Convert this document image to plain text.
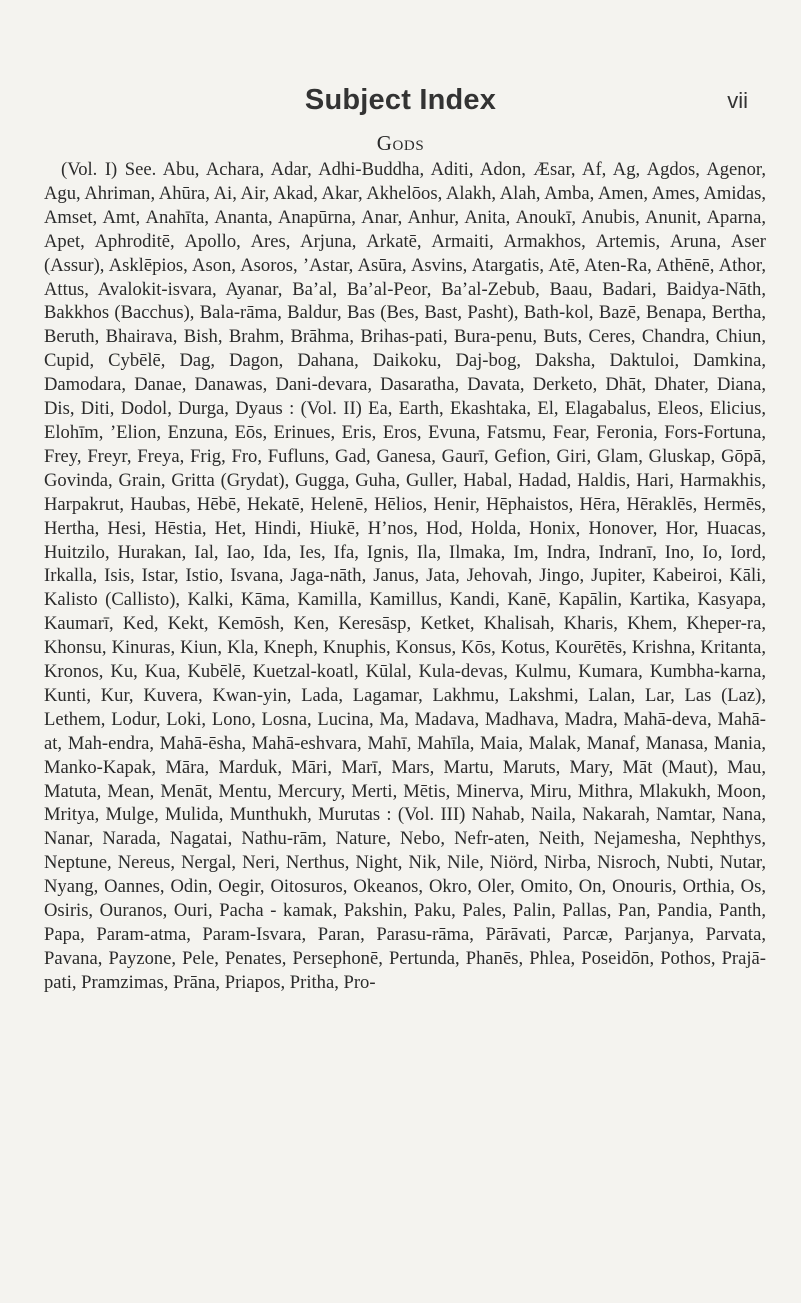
Subject Index	vii
Gods

(Vol. I) See. Abu, Achara, Adar, Adhi-Buddha, Aditi, Adon, Æsar, Af, Ag, Agdos, Agenor, Agu, Ahriman, Ahūra, Ai, Air, Akad, Akar, Akhelōos, Alakh, Alah, Amba, Amen, Ames, Amidas, Amset, Amt, Anahīta, Ananta, Anapūrna, Anar, Anhur, Anita, Anoukī, Anubis, Anunit, Aparna, Apet, Aphroditē, Apollo, Ares, Arjuna, Arkatē, Armaiti, Armakhos, Artemis, Aruna, Aser (Assur), Asklēpios, Ason, Asoros, ’Astar, Asūra, Asvins, Atargatis, Atē, Aten-Ra, Athēnē, Athor, Attus, Avalokit-isvara, Ayanar, Ba’al, Ba’al-Peor, Ba’al-Zebub, Baau, Badari, Baidya-Nāth, Bakkhos (Bacchus), Bala-rāma, Baldur, Bas (Bes, Bast, Pasht), Bath-kol, Bazē, Benapa, Bertha, Beruth, Bhairava, Bish, Brahm, Brāhma, Brihas-pati, Bura-penu, Buts, Ceres, Chandra, Chiun, Cupid, Cybēlē, Dag, Dagon, Dahana, Daikoku, Daj-bog, Daksha, Daktuloi, Damkina, Damodara, Danae, Danawas, Dani-devara, Dasaratha, Davata, Derketo, Dhāt, Dhater, Diana, Dis, Diti, Dodol, Durga, Dyaus : (Vol. II) Ea, Earth, Ekashtaka, El, Elagabalus, Eleos, Elicius, Elohīm, ’Elion, Enzuna, Eōs, Erinues, Eris, Eros, Evuna, Fatsmu, Fear, Feronia, Fors-Fortuna, Frey, Freyr, Freya, Frig, Fro, Fufluns, Gad, Ganesa, Gaurī, Gefion, Giri, Glam, Gluskap, Gōpā, Govinda, Grain, Gritta (Grydat), Gugga, Guha, Guller, Habal, Hadad, Haldis, Hari, Harmakhis, Harpakrut, Haubas, Hēbē, Hekatē, Helenē, Hēlios, Henir, Hēphaistos, Hēra, Hēraklēs, Hermēs, Hertha, Hesi, Hēstia, Het, Hindi, Hiukē, H’nos, Hod, Holda, Honix, Honover, Hor, Huacas, Huitzilo, Hurakan, Ial, Iao, Ida, Ies, Ifa, Ignis, Ila, Ilmaka, Im, Indra, Indranī, Ino, Io, Iord, Irkalla, Isis, Istar, Istio, Isvana, Jaga-nāth, Janus, Jata, Jehovah, Jingo, Jupiter, Kabeiroi, Kāli, Kalisto (Callisto), Kalki, Kāma, Kamilla, Kamillus, Kandi, Kanē, Kapālin, Kartika, Kasyapa, Kaumarī, Ked, Kekt, Kemōsh, Ken, Keresāsp, Ketket, Khalisah, Kharis, Khem, Kheper-ra, Khonsu, Kinuras, Kiun, Kla, Kneph, Knuphis, Konsus, Kōs, Kotus, Kourētēs, Krishna, Kritanta, Kronos, Ku, Kua, Kubēlē, Kuetzal-koatl, Kūlal, Kula-devas, Kulmu, Kumara, Kumbha-karna, Kunti, Kur, Kuvera, Kwan-yin, Lada, Lagamar, Lakhmu, Lakshmi, Lalan, Lar, Las (Laz), Lethem, Lodur, Loki, Lono, Losna, Lucina, Ma, Madava, Madhava, Madra, Mahā-deva, Mahā-at, Mah-endra, Mahā-ēsha, Mahā-eshvara, Mahī, Mahīla, Maia, Malak, Manaf, Manasa, Mania, Manko-Kapak, Māra, Marduk, Māri, Marī, Mars, Martu, Maruts, Mary, Māt (Maut), Mau, Matuta, Mean, Menāt, Mentu, Mercury, Merti, Mētis, Minerva, Miru, Mithra, Mlakukh, Moon, Mritya, Mulge, Mulida, Munthukh, Murutas : (Vol. III) Nahab, Naila, Nakarah, Namtar, Nana, Nanar, Narada, Nagatai, Nathu-rām, Nature, Nebo, Nefr-aten, Neith, Nejamesha, Nephthys, Neptune, Nereus, Nergal, Neri, Nerthus, Night, Nik, Nile, Niörd, Nirba, Nisroch, Nubti, Nutar, Nyang, Oannes, Odin, Oegir, Oitosuros, Okeanos, Okro, Oler, Omito, On, Onouris, Orthia, Os, Osiris, Ouranos, Ouri, Pacha - kamak, Pakshin, Paku, Pales, Palin, Pallas, Pan, Pandia, Panth, Papa, Param-atma, Param-Isvara, Paran, Parasu-rāma, Pārāvati, Parcæ, Parjanya, Parvata, Pavana, Payzone, Pele, Penates, Persephonē, Pertunda, Phanēs, Phlea, Poseidōn, Pothos, Prajā-pati, Pramzimas, Prāna, Priapos, Pritha, Pro-
